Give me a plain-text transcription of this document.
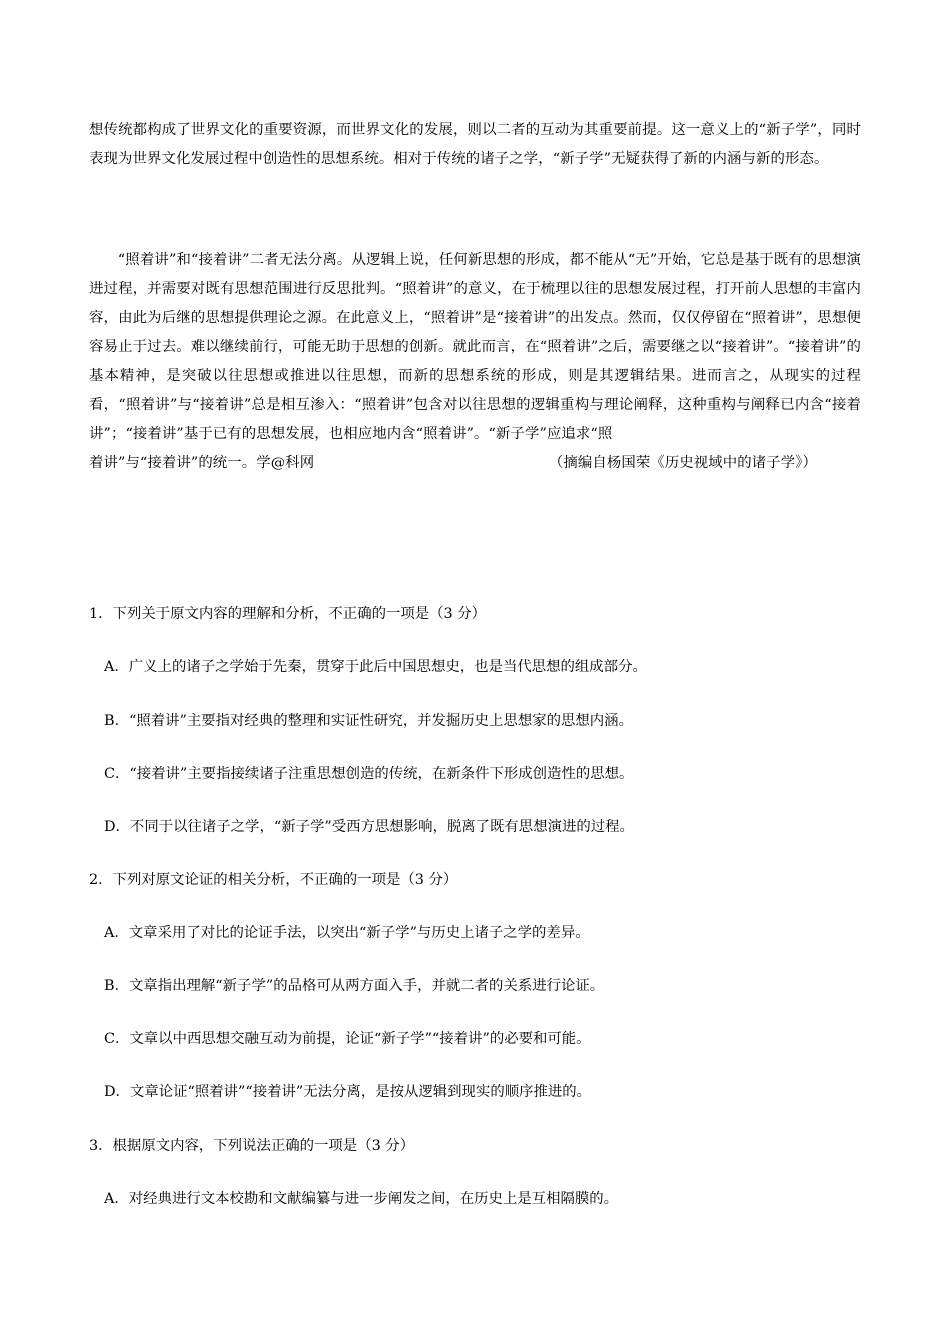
想传统都构成了世界文化的重要资源，而世界文化的发展，则以二者的互动为其重要前提。这一意义上的“新子学”，同时表现为世界文化发展过程中创造性的思想系统。相对于传统的诸子之学，“新子学”无疑获得了新的内涵与新的形态。
“照着讲”和“接着讲”二者无法分离。从逻辑上说，任何新思想的形成，都不能从“无”开始，它总是基于既有的思想演进过程，并需要对既有思想范围进行反思批判。“照着讲”的意义，在于梳理以往的思想发展过程，打开前人思想的丰富内容，由此为后继的思想提供理论之源。在此意义上，“照着讲”是“接着讲”的出发点。然而，仅仅停留在“照着讲”，思想便容易止于过去。难以继续前行，可能无助于思想的创新。就此而言，在“照着讲”之后，需要继之以“接着讲”。“接着讲”的基本精神，是突破以往思想或推进以往思想，而新的思想系统的形成，则是其逻辑结果。进而言之，从现实的过程看，“照着讲”与“接着讲”总是相互渗入：“照着讲”包含对以往思想的逻辑重构与理论阐释，这种重构与阐释已内含“接着讲”；“接着讲”基于已有的思想发展，也相应地内含“照着讲”。“新子学”应追求“照
着讲”与“接着讲”的统一。学@科网	（摘编自杨国荣《历史视域中的诸子学》）
1．下列关于原文内容的理解和分析，不正确的一项是（3 分）
A．广义上的诸子之学始于先秦，贯穿于此后中国思想史，也是当代思想的组成部分。
B．“照着讲”主要指对经典的整理和实证性研究，并发掘历史上思想家的思想内涵。
C．“接着讲”主要指接续诸子注重思想创造的传统，在新条件下形成创造性的思想。
D．不同于以往诸子之学，“新子学”受西方思想影响，脱离了既有思想演进的过程。
2．下列对原文论证的相关分析，不正确的一项是（3 分）
A．文章采用了对比的论证手法，以突出“新子学”与历史上诸子之学的差异。
B．文章指出理解“新子学”的品格可从两方面入手，并就二者的关系进行论证。
C．文章以中西思想交融互动为前提，论证“新子学”“接着讲”的必要和可能。
D．文章论证“照着讲”“接着讲”无法分离，是按从逻辑到现实的顺序推进的。
3．根据原文内容，下列说法正确的一项是（3 分）
A．对经典进行文本校勘和文献编纂与进一步阐发之间，在历史上是互相隔膜的。
